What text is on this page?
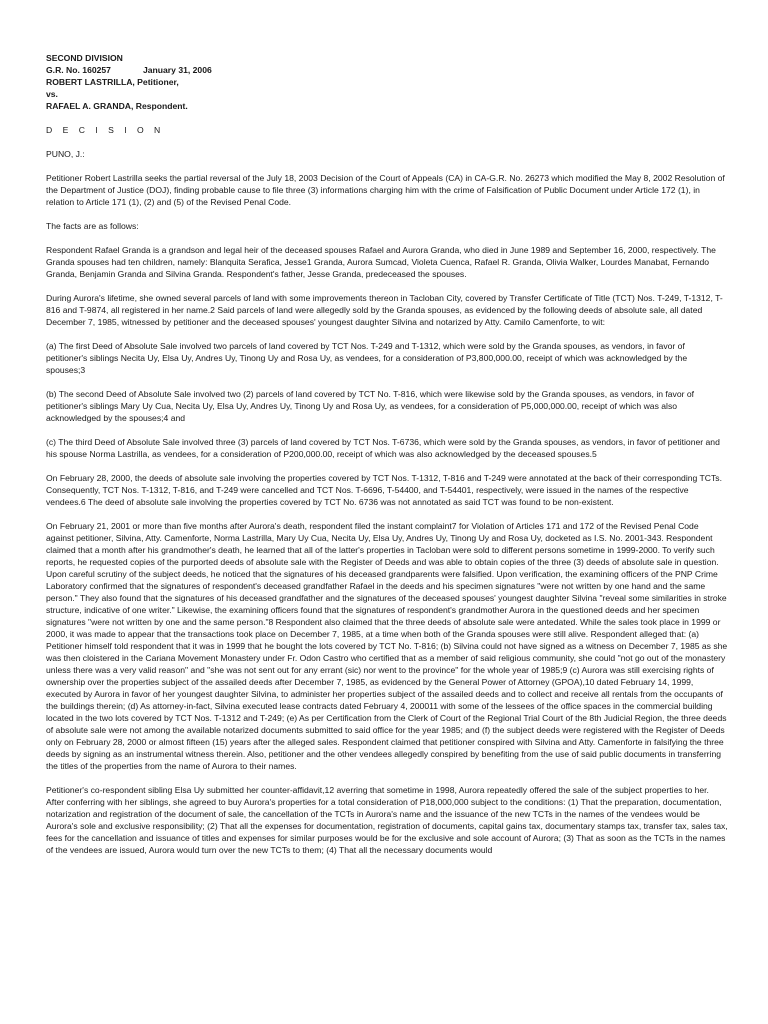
SECOND DIVISION
G.R. No. 160257	January 31, 2006
ROBERT LASTRILLA, Petitioner,
vs.
RAFAEL A. GRANDA, Respondent.
D E C I S I O N
PUNO, J.:

Petitioner Robert Lastrilla seeks the partial reversal of the July 18, 2003 Decision of the Court of Appeals (CA) in CA-G.R. No. 26273 which modified the May 8, 2002 Resolution of the Department of Justice (DOJ), finding probable cause to file three (3) informations charging him with the crime of Falsification of Public Document under Article 172 (1), in relation to Article 171 (1), (2) and (5) of the Revised Penal Code.

The facts are as follows:

Respondent Rafael Granda is a grandson and legal heir of the deceased spouses Rafael and Aurora Granda, who died in June 1989 and September 16, 2000, respectively. The Granda spouses had ten children, namely: Blanquita Serafica, Jesse1 Granda, Aurora Sumcad, Violeta Cuenca, Rafael R. Granda, Olivia Walker, Lourdes Manabat, Fernando Granda, Benjamin Granda and Silvina Granda. Respondent's father, Jesse Granda, predeceased the spouses.

During Aurora's lifetime, she owned several parcels of land with some improvements thereon in Tacloban City, covered by Transfer Certificate of Title (TCT) Nos. T-249, T-1312, T-816 and T-9874, all registered in her name.2 Said parcels of land were allegedly sold by the Granda spouses, as evidenced by the following deeds of absolute sale, all dated December 7, 1985, witnessed by petitioner and the deceased spouses' youngest daughter Silvina and notarized by Atty. Camilo Camenforte, to wit:

(a) The first Deed of Absolute Sale involved two parcels of land covered by TCT Nos. T-249 and T-1312, which were sold by the Granda spouses, as vendors, in favor of petitioner's siblings Necita Uy, Elsa Uy, Andres Uy, Tinong Uy and Rosa Uy, as vendees, for a consideration of P3,800,000.00, receipt of which was acknowledged by the spouses;3

(b) The second Deed of Absolute Sale involved two (2) parcels of land covered by TCT No. T-816, which were likewise sold by the Granda spouses, as vendors, in favor of petitioner's siblings Mary Uy Cua, Necita Uy, Elsa Uy, Andres Uy, Tinong Uy and Rosa Uy, as vendees, for a consideration of P5,000,000.00, receipt of which was also acknowledged by the spouses;4 and

(c) The third Deed of Absolute Sale involved three (3) parcels of land covered by TCT Nos. T-6736, which were sold by the Granda spouses, as vendors, in favor of petitioner and his spouse Norma Lastrilla, as vendees, for a consideration of P200,000.00, receipt of which was also acknowledged by the deceased spouses.5

On February 28, 2000, the deeds of absolute sale involving the properties covered by TCT Nos. T-1312, T-816 and T-249 were annotated at the back of their corresponding TCTs. Consequently, TCT Nos. T-1312, T-816, and T-249 were cancelled and TCT Nos. T-6696, T-54400, and T-54401, respectively, were issued in the names of the respective vendees.6 The deed of absolute sale involving the properties covered by TCT No. 6736 was not annotated as said TCT was found to be non-existent.

On February 21, 2001 or more than five months after Aurora's death, respondent filed the instant complaint7 for Violation of Articles 171 and 172 of the Revised Penal Code against petitioner, Silvina, Atty. Camenforte, Norma Lastrilla, Mary Uy Cua, Necita Uy, Elsa Uy, Andres Uy, Tinong Uy and Rosa Uy, docketed as I.S. No. 2001-343. Respondent claimed that a month after his grandmother's death, he learned that all of the latter's properties in Tacloban were sold to different persons sometime in 1999-2000. To verify such reports, he requested copies of the purported deeds of absolute sale with the Register of Deeds and was able to obtain copies of the three (3) deeds of absolute sale in question. Upon careful scrutiny of the subject deeds, he noticed that the signatures of his deceased grandparents were falsified. Upon verification, the examining officers of the PNP Crime Laboratory confirmed that the signatures of respondent's deceased grandfather Rafael in the deeds and his specimen signatures "were not written by one hand and the same person." They also found that the signatures of his deceased grandfather and the signatures of the deceased spouses' youngest daughter Silvina "reveal some similarities in stroke structure, indicative of one writer." Likewise, the examining officers found that the signatures of respondent's grandmother Aurora in the questioned deeds and her specimen signatures "were not written by one and the same person."8 Respondent also claimed that the three deeds of absolute sale were antedated. While the sales took place in 1999 or 2000, it was made to appear that the transactions took place on December 7, 1985, at a time when both of the Granda spouses were still alive. Respondent alleged that: (a) Petitioner himself told respondent that it was in 1999 that he bought the lots covered by TCT No. T-816; (b) Silvina could not have signed as a witness on December 7, 1985 as she was then cloistered in the Cariana Movement Monastery under Fr. Odon Castro who certified that as a member of said religious community, she could "not go out of the monastery unless there was a very valid reason" and "she was not sent out for any errant (sic) nor went to the province" for the whole year of 1985;9 (c) Aurora was still exercising rights of ownership over the properties subject of the assailed deeds after December 7, 1985, as evidenced by the General Power of Attorney (GPOA),10 dated February 14, 1999, executed by Aurora in favor of her youngest daughter Silvina, to administer her properties subject of the assailed deeds and to collect and receive all rentals from the occupants of the buildings therein; (d) As attorney-in-fact, Silvina executed lease contracts dated February 4, 200011 with some of the lessees of the office spaces in the commercial building located in the two lots covered by TCT Nos. T-1312 and T-249; (e) As per Certification from the Clerk of Court of the Regional Trial Court of the 8th Judicial Region, the three deeds of absolute sale were not among the available notarized documents submitted to said office for the year 1985; and (f) the subject deeds were registered with the Register of Deeds only on February 28, 2000 or almost fifteen (15) years after the alleged sales. Respondent claimed that petitioner conspired with Silvina and Atty. Camenforte in falsifying the three deeds by signing as an instrumental witness therein. Also, petitioner and the other vendees allegedly conspired by benefiting from the use of said public documents in transferring the titles of the properties from the name of Aurora to their names.

Petitioner's co-respondent sibling Elsa Uy submitted her counter-affidavit,12 averring that sometime in 1998, Aurora repeatedly offered the sale of the subject properties to her. After conferring with her siblings, she agreed to buy Aurora's properties for a total consideration of P18,000,000 subject to the conditions: (1) That the preparation, documentation, notarization and registration of the document of sale, the cancellation of the TCTs in Aurora's name and the issuance of the new TCTs in the names of the vendees would be Aurora's sole and exclusive responsibility; (2) That all the expenses for documentation, registration of documents, capital gains tax, documentary stamps tax, transfer tax, sales tax, fees for the cancellation and issuance of titles and expenses for similar purposes would be for the exclusive and sole account of Aurora; (3) That as soon as the TCTs in the names of the vendees are issued, Aurora would turn over the new TCTs to them; (4) That all the necessary documents would
